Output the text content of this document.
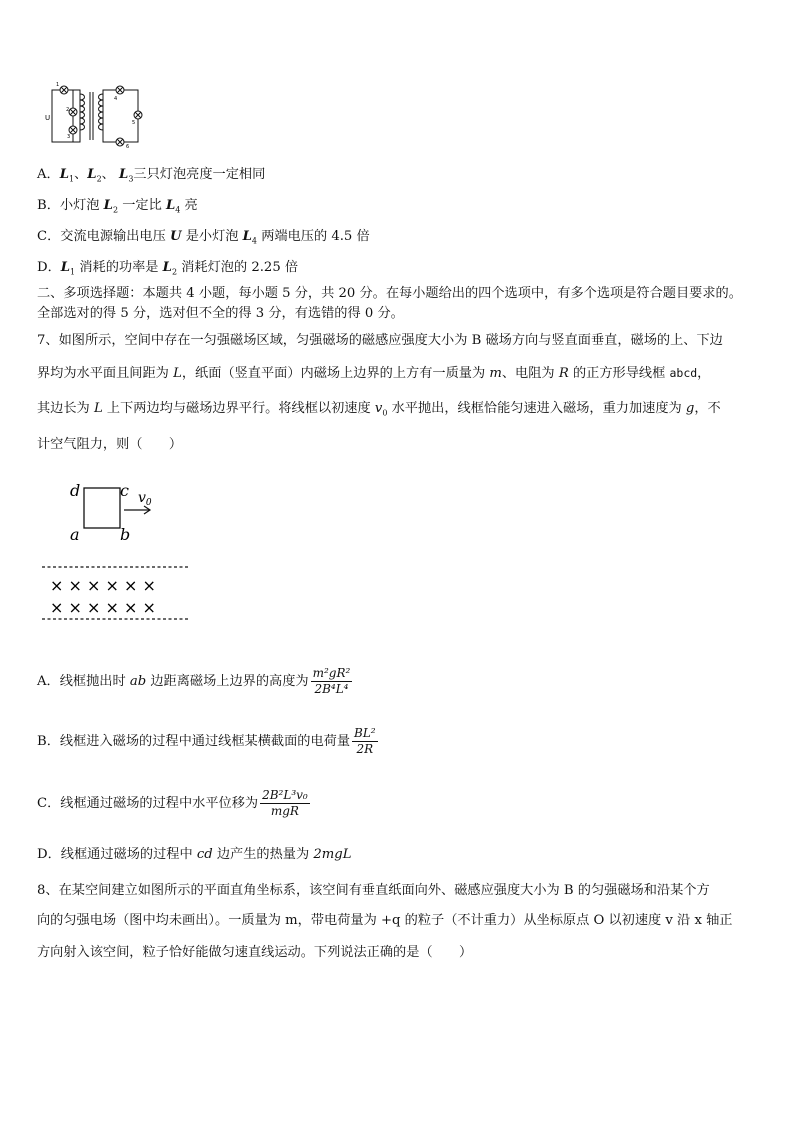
U
1
2
3
4
5
6
A．$L_1$、$L_2$、 $L_3$三只灯泡亮度一定相同
B．小灯泡 $L_2$ 一定比 $L_4$ 亮
C．交流电源输出电压 U 是小灯泡 $L_4$ 两端电压的 4.5 倍
D．$L_1$ 消耗的功率是 $L_2$ 消耗灯泡的 2.25 倍
二、多项选择题：本题共 4 小题，每小题 5 分，共 20 分。在每小题给出的四个选项中，有多个选项是符合题目要求的。
全部选对的得 5 分，选对但不全的得 3 分，有选错的得 0 分。
7、如图所示，空间中存在一匀强磁场区域，匀强磁场的磁感应强度大小为 B 磁场方向与竖直面垂直，磁场的上、下边
界均为水平面且间距为 L，纸面（竖直平面）内磁场上边界的上方有一质量为 m、电阻为 R 的正方形导线框 abcd，
其边长为 L 上下两边均与磁场边界平行。将线框以初速度 $v_0$ 水平抛出，线框恰能匀速进入磁场，重力加速度为 g，不
计空气阻力，则（　　）
d c
a	b
$v_0$
× × × × × ×
× × × × × ×
A．线框抛出时 ab 边距离磁场上边界的高度为 $\frac{\text{m²gR²}}{\text{2B⁴L⁴}}$
B．线框进入磁场的过程中通过线框某横截面的电荷量 $\frac{\text{BL²}}{2R}$
C．线框通过磁场的过程中水平位移为 $\frac{\text{2B²L³v₀}}{\text{mgR}}$
D．线框通过磁场的过程中 cd 边产生的热量为 2mgL
8、在某空间建立如图所示的平面直角坐标系，该空间有垂直纸面向外、磁感应强度大小为 B 的匀强磁场和沿某个方
向的匀强电场（图中均未画出）。一质量为 m，带电荷量为 +q 的粒子（不计重力）从坐标原点 O 以初速度 v 沿 x 轴正
方向射入该空间，粒子恰好能做匀速直线运动。下列说法正确的是（　　）
